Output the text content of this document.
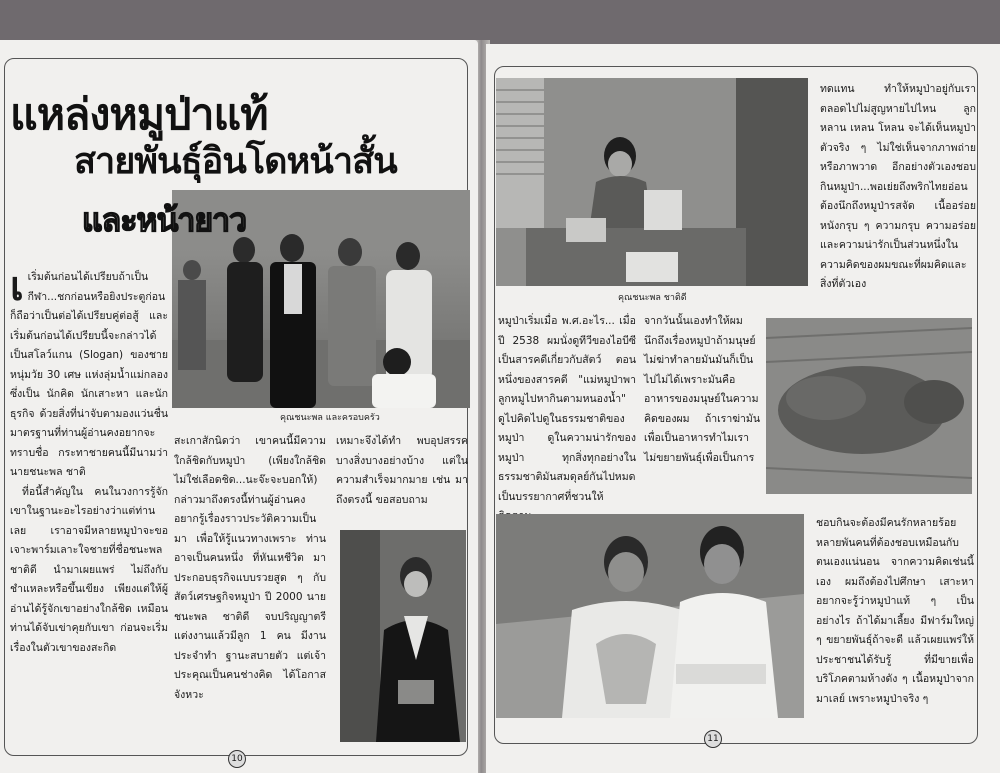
แหล่งหมูป่าแท้
สายพันธุ์อินโดหน้าสั้น
และหน้ายาว
คุณชนะพล และครอบครัว

เเริ่มต้นก่อนได้เปรียบถ้าเป็นกีฬา...ชกก่อนหรือยิงประตูก่อนก็ถือว่าเป็นต่อได้เปรียบคู่ต่อสู้ และเริ่มต้นก่อนได้เปรียบนี้จะกล่าวได้ เป็นสโลว์แกน (Slogan) ของชายหนุ่มวัย 30 เศษ แห่งลุ่มน้ำแม่กลองซึ่งเป็น นักคิด นักเสาะหา และนักธุรกิจ ด้วยสิ่งที่น่าจับตามองแว่นชื่นมาตรฐานที่ท่านผู้อ่านคงอยากจะทราบชื่อ กระทาชายคนนี้มีนามว่า นายชนะพล ชาติ

ที่อนี้สำคัญใน คนในวงการรู้จักเขาในฐานะอะไรอย่างว่าแต่ท่านเลย เราอาจมีหลายหมูป่าจะขอเจาะพาร์มเลาะใจชายที่ชื่อชนะพล ชาติดี นำมาเผยแพร่ ไม่ถึงกับชำแหละหรือขึ้นเขียง เพียงแต่ให้ผู้อ่านได้รู้จักเขาอย่างใกล้ชิด เหมือนท่านได้จับเข่าคุยกับเขา ก่อนจะเริ่มเรื่องในตัวเขาของสะกิด

สะเกาสักนิดว่า เขาคนนี้มีความใกล้ชิดกับหมูป่า (เพียงใกล้ชิดไม่ใช่เลือดชิด...นะจ๊ะจะบอกให้) กล่าวมาถึงตรงนี้ท่านผู้อ่านคงอยากรู้เรื่องราวประวัติความเป็นมา เพื่อให้รู้แนวทางเพราะ ท่านอาจเป็นคนหนึ่ง ที่หันเหชีวิต มาประกอบธุรกิจแบบรวยสูด ๆ กับ สัตว์เศรษฐกิจหมูป่า ปี 2000 นายชนะพล ชาติดี จบปริญญาตรี แต่งงานแล้วมีลูก 1 คน มีงานประจำทำ ฐานะสบายตัว แต่เจ้าประคุณเป็นคนช่างคิด ได้โอกาสจังหวะ

เหมาะจึงได้ทำ พบอุปสรรคบางสิ่งบางอย่างบ้าง แต่ในความสำเร็จมากมาย เช่น มาถึงตรงนี้ ขอสอบถาม

10
คุณชนะพล ชาติดี

ทดแทน ทำให้หมูป่าอยู่กับเราตลอดไปไม่สูญหายไปไหน ลูกหลาน เหลน โหลน จะได้เห็นหมูป่าตัวจริง ๆ ไม่ใช่เห็นจากภาพถ่าย หรือภาพวาด อีกอย่างตัวเองชอบกินหมูป่า...พอเย่ยถึงพริกไทยอ่อนต้องนึกถึงหมูป่ารสจัด เนื้ออร่อยหนังกรุบ ๆ ความกรุบ ความอร่อยและความน่ารักเป็นส่วนหนึ่งในความคิดของผมขณะที่ผมคิดและสิ่งที่ตัวเอง

หมูป่าเริ่มเมื่อ พ.ศ.อะไร... เมื่อปี 2538 ผมนั่งดูทีวีของไอบีซี เป็นสารคดีเกี่ยวกับสัตว์ ตอนหนึ่งของสารคดี "แม่หมูป่าพาลูกหมูไปหากินตามหนองน้ำ" ดูไปคิดไปดูในธรรมชาติของหมูป่า ดูในความน่ารักของหมูป่า ทุกสิ่งทุกอย่างในธรรมชาติมันสมดุลย์กันไปหมดเป็นบรรยากาศที่ชวนให้

จากวันนั้นเองทำให้ผมนึกถึงเรื่องหมูป่าถ้ามนุษย์ไม่ฆ่าทำลายมันมันก็เป็นไปไม่ได้เพราะมันคืออาหารของมนุษย์ในความคิดของผม ถ้าเราฆ่ามันเพื่อเป็นอาหารทำไมเราไม่ขยายพันธุ์เพื่อเป็นการ

ชอบกินจะต้องมีคนรักหลายร้อยหลายพันคนที่ต้องชอบเหมือนกับตนเองแน่นอน จากความคิดเช่นนี้เอง ผมถึงต้องไปศึกษา เสาะหา อยากจะรู้ว่าหมูป่าแท้ ๆ เป็นอย่างไร ถ้าได้มาเลี้ยง มีฟาร์มใหญ่ ๆ ขยายพันธุ์ถ้าจะดี แล้วเผยแพร่ให้ประชาชนได้รับรู้ ที่มีขายเพื่อบริโภคตามห้างดัง ๆ เนื้อหมูป่าจากมาเลย์ เพราะหมูป่าจริง ๆ

11
